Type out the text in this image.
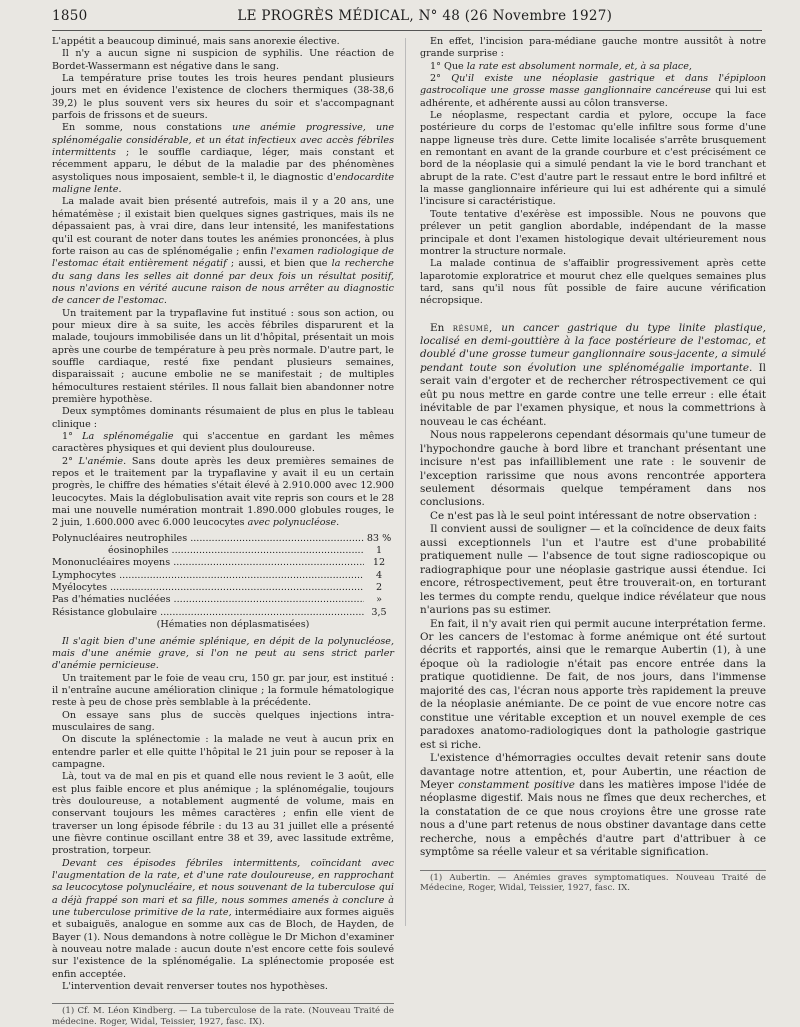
1850	LE PROGRÈS MÉDICAL, N° 48 (26 Novembre 1927)

L'appétit a beaucoup diminué, mais sans anorexie élective.

Il n'y a aucun signe ni suspicion de syphilis. Une réaction de Bordet-Wassermann est négative dans le sang.

La température prise toutes les trois heures pendant plusieurs jours met en évidence l'existence de clochers thermiques (38-38,6 39,2) le plus souvent vers six heures du soir et s'accompagnant parfois de frissons et de sueurs.

En somme, nous constations une anémie progressive, une splénomégalie considérable, et un état infectieux avec accès fébriles intermittents ; le souffle cardiaque, léger, mais constant et récemment apparu, le début de la maladie par des phénomènes asystoliques nous imposaient, semble-t il, le diagnostic d'endocardite maligne lente.

La malade avait bien présenté autrefois, mais il y a 20 ans, une hématémèse ; il existait bien quelques signes gastriques, mais ils ne dépassaient pas, à vrai dire, dans leur intensité, les manifestations qu'il est courant de noter dans toutes les anémies prononcées, à plus forte raison au cas de splénomégalie ; enfin l'examen radiologique de l'estomac était entièrement négatif ; aussi, et bien que la recherche du sang dans les selles ait donné par deux fois un résultat positif, nous n'avions en vérité aucune raison de nous arrêter au diagnostic de cancer de l'estomac.

Un traitement par la trypaflavine fut institué : sous son action, ou pour mieux dire à sa suite, les accès fébriles disparurent et la malade, toujours immobilisée dans un lit d'hôpital, présentait un mois après une courbe de température à peu près normale. D'autre part, le souffle cardiaque, resté fixe pendant plusieurs semaines, disparaissait ; aucune embolie ne se manifestait ; de multiples hémocultures restaient stériles. Il nous fallait bien abandonner notre première hypothèse.

Deux symptômes dominants résumaient de plus en plus le tableau clinique :

1° La splénomégalie qui s'accentue en gardant les mêmes caractères physiques et qui devient plus douloureuse.

2° L'anémie. Sans doute après les deux premières semaines de repos et le traitement par la trypaflavine y avait il eu un certain progrès, le chiffre des hématies s'était élevé à 2.910.000 avec 12.900 leucocytes. Mais la déglobulisation avait vite repris son cours et le 28 mai une nouvelle numération montrait 1.890.000 globules rouges, le 2 juin, 1.600.000 avec 6.000 leucocytes avec polynucléose.

Polynucléaires neutrophiles .....	83 %
éosinophiles .....	1
Mononucléaires moyens .....	12
Lymphocytes .....	4
Myélocytes .....	2
Pas d'hématies nucléées .....	»
Résistance globulaire .....	3,5
(Hématies non déplasmatisées)

Il s'agit bien d'une anémie splénique, en dépit de la polynucléose, mais d'une anémie grave, si l'on ne peut au sens strict parler d'anémie pernicieuse.

Un traitement par le foie de veau cru, 150 gr. par jour, est institué : il n'entraîne aucune amélioration clinique ; la formule hématologique reste à peu de chose près semblable à la précédente.

On essaye sans plus de succès quelques injections intra-musculaires de sang.

On discute la splénectomie : la malade ne veut à aucun prix en entendre parler et elle quitte l'hôpital le 21 juin pour se reposer à la campagne.

Là, tout va de mal en pis et quand elle nous revient le 3 août, elle est plus faible encore et plus anémique ; la splénomégalie, toujours très douloureuse, a notablement augmenté de volume, mais en conservant toujours les mêmes caractères ; enfin elle vient de traverser un long épisode fébrile : du 13 au 31 juillet elle a présenté une fièvre continue oscillant entre 38 et 39, avec lassitude extrême, prostration, torpeur.

Devant ces épisodes fébriles intermittents, coïncidant avec l'augmentation de la rate, et d'une rate douloureuse, en rapprochant sa leucocytose polynucléaire, et nous souvenant de la tuberculose qui a déjà frappé son mari et sa fille, nous sommes amenés à conclure à une tuberculose primitive de la rate, intermédiaire aux formes aiguës et subaiguës, analogue en somme aux cas de Bloch, de Hayden, de Bayer (1). Nous demandons à notre collègue le Dr Michon d'examiner à nouveau notre malade : aucun doute n'est encore cette fois soulevé sur l'existence de la splénomégalie. La splénectomie proposée est enfin acceptée.

L'intervention devait renverser toutes nos hypothèses.

(1) Cf. M. Léon Kindberg. — La tuberculose de la rate. (Nouveau Traité de médecine. Roger, Widal, Teissier, 1927, fasc. IX).

En effet, l'incision para-médiane gauche montre aussitôt à notre grande surprise :

1° Que la rate est absolument normale, et, à sa place,

2° Qu'il existe une néoplasie gastrique et dans l'épiploon gastrocolique une grosse masse ganglionnaire cancéreuse qui lui est adhérente, et adhérente aussi au côlon transverse.

Le néoplasme, respectant cardia et pylore, occupe la face postérieure du corps de l'estomac qu'elle infiltre sous forme d'une nappe ligneuse très dure. Cette limite localisée s'arrête brusquement en remontant en avant de la grande courbure et c'est précisément ce bord de la néoplasie qui a simulé pendant la vie le bord tranchant et abrupt de la rate. C'est d'autre part le ressaut entre le bord infiltré et la masse ganglionnaire inférieure qui lui est adhérente qui a simulé l'incisure si caractéristique.

Toute tentative d'exérèse est impossible. Nous ne pouvons que prélever un petit ganglion abordable, indépendant de la masse principale et dont l'examen histologique devait ultérieurement nous montrer la structure normale.

La malade continua de s'affaiblir progressivement après cette laparotomie exploratrice et mourut chez elle quelques semaines plus tard, sans qu'il nous fût possible de faire aucune vérification nécropsique.

En résumé, un cancer gastrique du type linite plastique, localisé en demi-gouttière à la face postérieure de l'estomac, et doublé d'une grosse tumeur ganglionnaire sous-jacente, a simulé pendant toute son évolution une splénomégalie importante. Il serait vain d'ergoter et de rechercher rétrospectivement ce qui eût pu nous mettre en garde contre une telle erreur : elle était inévitable de par l'examen physique, et nous la commettrions à nouveau le cas échéant.

Nous nous rappelerons cependant désormais qu'une tumeur de l'hypochondre gauche à bord libre et tranchant présentant une incisure n'est pas infailliblement une rate : le souvenir de l'exception rarissime que nous avons rencontrée apportera seulement désormais quelque tempérament dans nos conclusions.

Ce n'est pas là le seul point intéressant de notre observation :

Il convient aussi de souligner — et la coïncidence de deux faits aussi exceptionnels l'un et l'autre est d'une probabilité pratiquement nulle — l'absence de tout signe radioscopique ou radiographique pour une néoplasie gastrique aussi étendue. Ici encore, rétrospectivement, peut être trouverait-on, en torturant les termes du compte rendu, quelque indice révélateur que nous n'aurions pas su estimer.

En fait, il n'y avait rien qui permit aucune interprétation ferme. Or les cancers de l'estomac à forme anémique ont été surtout décrits et rapportés, ainsi que le remarque Aubertin (1), à une époque où la radiologie n'était pas encore entrée dans la pratique quotidienne. De fait, de nos jours, dans l'immense majorité des cas, l'écran nous apporte très rapidement la preuve de la néoplasie anémiante. De ce point de vue encore notre cas constitue une véritable exception et un nouvel exemple de ces paradoxes anatomo-radiologiques dont la pathologie gastrique est si riche.

L'existence d'hémorragies occultes devait retenir sans doute davantage notre attention, et, pour Aubertin, une réaction de Meyer constamment positive dans les matières impose l'idée de néoplasme digestif. Mais nous ne fîmes que deux recherches, et la constatation de ce que nous croyions être une grosse rate nous a d'une part retenus de nous obstiner davantage dans cette recherche, nous a empêchés d'autre part d'attribuer à ce symptôme sa réelle valeur et sa véritable signification.

(1) Aubertin. — Anémies graves symptomatiques. Nouveau Traité de Médecine, Roger, Widal, Teissier, 1927, fasc. IX.
